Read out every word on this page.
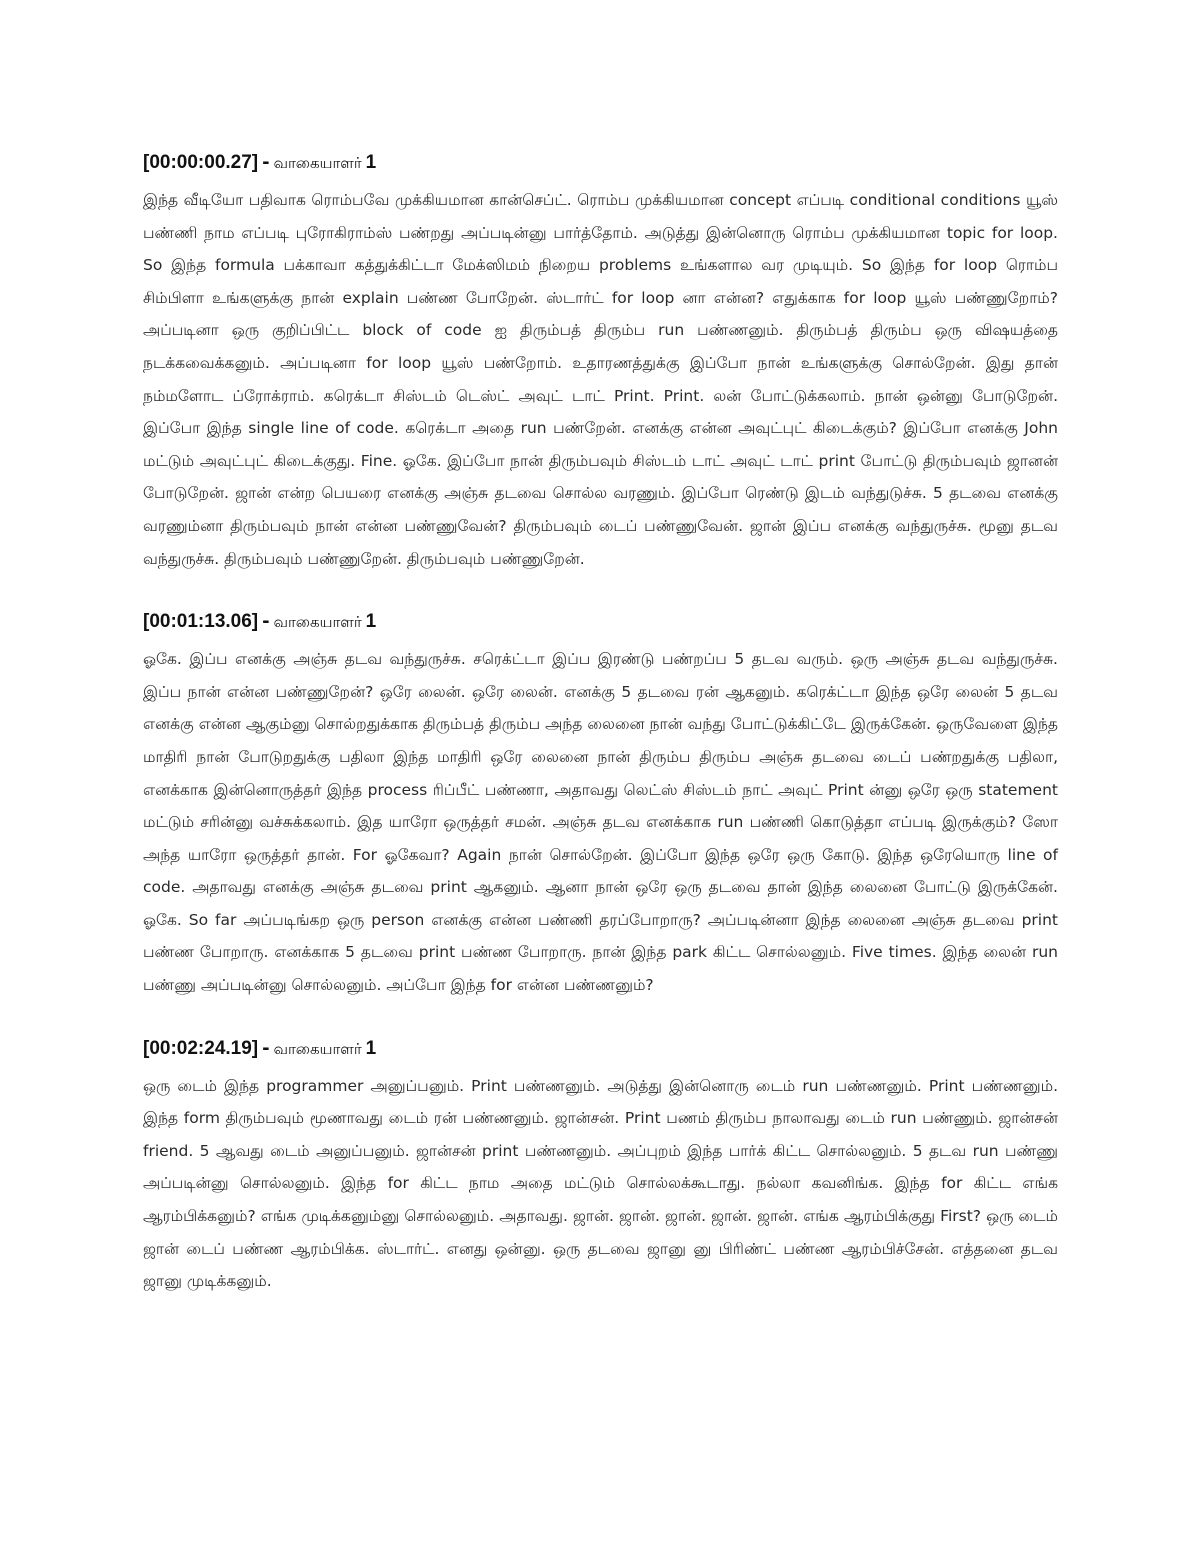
[00:00:00.27] - வாகையாளர் 1

இந்த வீடியோ பதிவாக ரொம்பவே முக்கியமான கான்செப்ட். ரொம்ப முக்கியமான concept எப்படி conditional conditions யூஸ் பண்ணி நாம எப்படி புரோகிராம்ஸ் பண்றது அப்படின்னு பார்த்தோம். அடுத்து இன்னொரு ரொம்ப முக்கியமான topic for loop. So இந்த formula பக்காவா கத்துக்கிட்டா மேக்ஸிமம் நிறைய problems உங்களால வர முடியும். So இந்த for loop ரொம்ப சிம்பிளா உங்களுக்கு நான் explain பண்ண போறேன். ஸ்டார்ட் for loop னா என்ன? எதுக்காக for loop யூஸ் பண்ணுறோம்? அப்படினா ஒரு குறிப்பிட்ட block of code ஐ திரும்பத் திரும்ப run பண்ணனும். திரும்பத் திரும்ப ஒரு விஷயத்தை நடக்கவைக்கனும். அப்படினா for loop யூஸ் பண்றோம். உதாரணத்துக்கு இப்போ நான் உங்களுக்கு சொல்றேன். இது தான் நம்மளோட ப்ரோக்ராம். கரெக்டா சிஸ்டம் டெஸ்ட் அவுட் டாட் Print. Print. லன் போட்டுக்கலாம். நான் ஒன்னு போடுறேன். இப்போ இந்த single line of code. கரெக்டா அதை run பண்றேன். எனக்கு என்ன அவுட்புட் கிடைக்கும்? இப்போ எனக்கு John மட்டும் அவுட்புட் கிடைக்குது. Fine. ஓகே. இப்போ நான் திரும்பவும் சிஸ்டம் டாட் அவுட் டாட் print போட்டு திரும்பவும் ஜானன் போடுறேன். ஜான் என்ற பெயரை எனக்கு அஞ்சு தடவை சொல்ல வரணும். இப்போ ரெண்டு இடம் வந்துடுச்சு. 5 தடவை எனக்கு வரணும்னா திரும்பவும் நான் என்ன பண்ணுவேன்? திரும்பவும் டைப் பண்ணுவேன். ஜான் இப்ப எனக்கு வந்துருச்சு. மூனு தடவ வந்துருச்சு. திரும்பவும் பண்ணுறேன். திரும்பவும் பண்ணுறேன்.

[00:01:13.06] - வாகையாளர் 1

ஓகே. இப்ப எனக்கு அஞ்சு தடவ வந்துருச்சு. சரெக்ட்டா இப்ப இரண்டு பண்றப்ப 5 தடவ வரும். ஒரு அஞ்சு தடவ வந்துருச்சு. இப்ப நான் என்ன பண்ணுறேன்? ஒரே லைன். ஒரே லைன். எனக்கு 5 தடவை ரன் ஆகனும். கரெக்ட்டா இந்த ஒரே லைன் 5 தடவ எனக்கு என்ன ஆகும்னு சொல்றதுக்காக திரும்பத் திரும்ப அந்த லைனை நான் வந்து போட்டுக்கிட்டே இருக்கேன். ஒருவேளை இந்த மாதிரி நான் போடுறதுக்கு பதிலா இந்த மாதிரி ஒரே லைனை நான் திரும்ப திரும்ப அஞ்சு தடவை டைப் பண்றதுக்கு பதிலா, எனக்காக இன்னொருத்தர் இந்த process ரிப்பீட் பண்ணா, அதாவது லெட்ஸ் சிஸ்டம் நாட் அவுட் Print ன்னு ஒரே ஒரு statement மட்டும் சரின்னு வச்சுக்கலாம். இத யாரோ ஒருத்தர் சமன். அஞ்சு தடவ எனக்காக run பண்ணி கொடுத்தா எப்படி இருக்கும்? ஸோ அந்த யாரோ ஒருத்தர் தான். For ஓகேவா? Again நான் சொல்றேன். இப்போ இந்த ஒரே ஒரு கோடு. இந்த ஒரேயொரு line of code. அதாவது எனக்கு அஞ்சு தடவை print ஆகனும். ஆனா நான் ஒரே ஒரு தடவை தான் இந்த லைனை போட்டு இருக்கேன். ஓகே. So far அப்படிங்கற ஒரு person எனக்கு என்ன பண்ணி தரப்போறாரு? அப்படின்னா இந்த லைனை அஞ்சு தடவை print பண்ண போறாரு. எனக்காக 5 தடவை print பண்ண போறாரு. நான் இந்த park கிட்ட சொல்லனும். Five times. இந்த லைன் run பண்ணு அப்படின்னு சொல்லனும். அப்போ இந்த for என்ன பண்ணனும்?

[00:02:24.19] - வாகையாளர் 1

ஒரு டைம் இந்த programmer அனுப்பனும். Print பண்ணனும். அடுத்து இன்னொரு டைம் run பண்ணனும். Print பண்ணனும். இந்த form திரும்பவும் மூணாவது டைம் ரன் பண்ணனும். ஜான்சன். Print பணம் திரும்ப நாலாவது டைம் run பண்ணும். ஜான்சன் friend. 5 ஆவது டைம் அனுப்பனும். ஜான்சன் print பண்ணனும். அப்புறம் இந்த பார்க் கிட்ட சொல்லனும். 5 தடவ run பண்ணு அப்படின்னு சொல்லனும். இந்த for கிட்ட நாம அதை மட்டும் சொல்லக்கூடாது. நல்லா கவனிங்க. இந்த for கிட்ட எங்க ஆரம்பிக்கனும்? எங்க முடிக்கனும்னு சொல்லனும். அதாவது. ஜான். ஜான். ஜான். ஜான். ஜான். எங்க ஆரம்பிக்குது First? ஒரு டைம் ஜான் டைப் பண்ண ஆரம்பிக்க. ஸ்டார்ட். எனது ஒன்னு. ஒரு தடவை ஜானு னு பிரிண்ட் பண்ண ஆரம்பிச்சேன். எத்தனை தடவ ஜானு முடிக்கனும்.
